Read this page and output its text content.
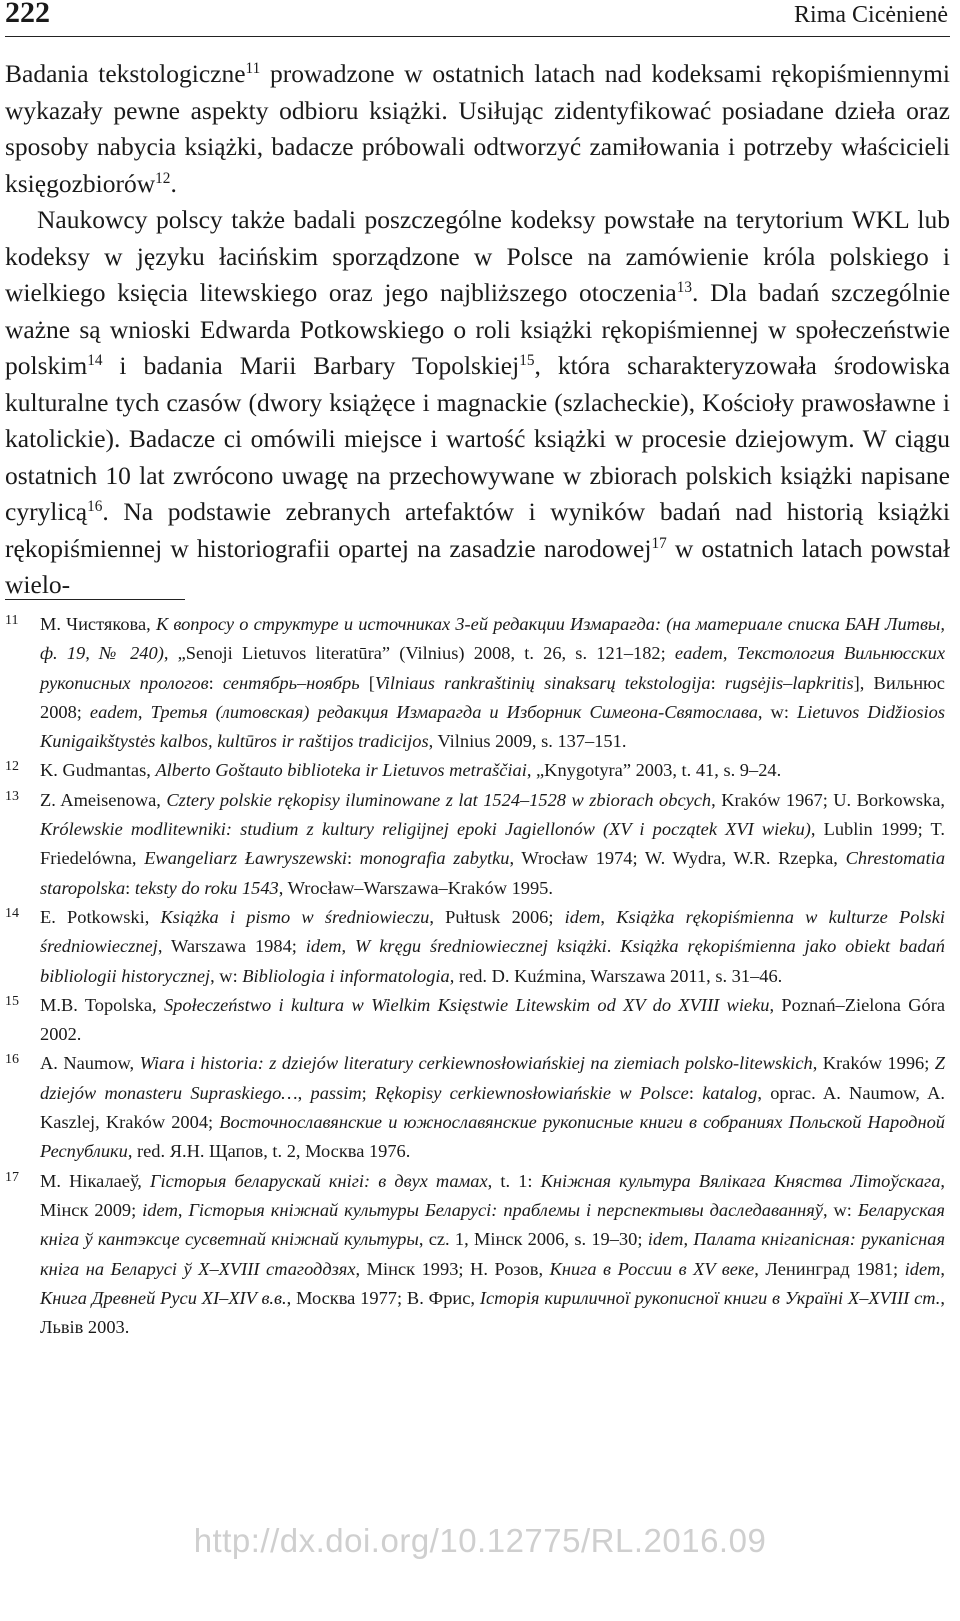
222	Rima Cicėnienė

Badania tekstologiczne$^{11}$ prowadzone w ostatnich latach nad kodeksami rękopiśmiennymi wykazały pewne aspekty odbioru książki. Usiłując zidentyfikować posiadane dzieła oraz sposoby nabycia książki, badacze próbowali odtworzyć zamiłowania i potrzeby właścicieli księgozbiorów$^{12}$.

Naukowcy polscy także badali poszczególne kodeksy powstałe na terytorium WKL lub kodeksy w języku łacińskim sporządzone w Polsce na zamówienie króla polskiego i wielkiego księcia litewskiego oraz jego najbliższego otoczenia$^{13}$. Dla badań szczególnie ważne są wnioski Edwarda Potkowskiego o roli książki rękopiśmiennej w społeczeństwie polskim$^{14}$ i badania Marii Barbary Topolskiej$^{15}$, która scharakteryzowała środowiska kulturalne tych czasów (dwory książęce i magnackie (szlacheckie), Kościoły prawosławne i katolickie). Badacze ci omówili miejsce i wartość książki w procesie dziejowym. W ciągu ostatnich 10 lat zwrócono uwagę na przechowywane w zbiorach polskich książki napisane cyrylicą$^{16}$. Na podstawie zebranych artefaktów i wyników badań nad historią książki rękopiśmiennej w historiografii opartej na zasadzie narodowej$^{17}$ w ostatnich latach powstał wielo-

11 М. Чистякова, К вопросу о структуре и источниках 3-ей редакции Измарагда: (на материале списка БАН Литвы, ф. 19, № 240), „Senoji Lietuvos literatūra” (Vilnius) 2008, t. 26, s. 121–182; eadem, Текстология Вильнюсских рукописных прологов: сентябрь–ноябрь [Vilniaus rankraštinių sinaksarų tekstologija: rugsėjis–lapkritis], Вильнюс 2008; eadem, Третья (литовская) редакция Измарагда и Изборник Симеона-Святослава, w: Lietuvos Didžiosios Kunigaikštystės kalbos, kultūros ir raštijos tradicijos, Vilnius 2009, s. 137–151.
12 K. Gudmantas, Alberto Goštauto biblioteka ir Lietuvos metraščiai, „Knygotyra” 2003, t. 41, s. 9–24.
13 Z. Ameisenowa, Cztery polskie rękopisy iluminowane z lat 1524–1528 w zbiorach obcych, Kraków 1967; U. Borkowska, Królewskie modlitewniki: studium z kultury religijnej epoki Jagiellonów (XV i początek XVI wieku), Lublin 1999; T. Friedelówna, Ewangeliarz Ławryszewski: monografia zabytku, Wrocław 1974; W. Wydra, W.R. Rzepka, Chrestomatia staropolska: teksty do roku 1543, Wrocław–Warszawa–Kraków 1995.
14 E. Potkowski, Książka i pismo w średniowieczu, Pułtusk 2006; idem, Książka rękopiśmienna w kulturze Polski średniowiecznej, Warszawa 1984; idem, W kręgu średniowiecznej książki. Książka rękopiśmienna jako obiekt badań bibliologii historycznej, w: Bibliologia i informatologia, red. D. Kuźmina, Warszawa 2011, s. 31–46.
15 M.B. Topolska, Społeczeństwo i kultura w Wielkim Księstwie Litewskim od XV do XVIII wieku, Poznań–Zielona Góra 2002.
16 A. Naumow, Wiara i historia: z dziejów literatury cerkiewnosłowiańskiej na ziemiach polsko-litewskich, Kraków 1996; Z dziejów monasteru Supraskiego…, passim; Rękopisy cerkiewnosłowiańskie w Polsce: katalog, oprac. A. Naumow, A. Kaszlej, Kraków 2004; Восточнославянские и южнославянские рукописные книги в собраниях Польской Народной Республики, red. Я.Н. Щапов, t. 2, Москва 1976.
17 М. Нікалаеў, Гісторыя беларускай кнігі: в двух тамах, t. 1: Кніжная культура Вялікага Княства Літоўскага, Мінск 2009; idem, Гісторыя кніжнай культуры Беларусі: праблемы і перспектывы даследаванняў, w: Беларуская кніга ў кантэксце сусветнай кніжнай культуры, cz. 1, Мінск 2006, s. 19–30; idem, Палата кнігапісная: рукапісная кніга на Беларусі ў X–XVIII стагоддзях, Мінск 1993; Н. Розов, Книга в России в XV веке, Ленинград 1981; idem, Книга Древней Руси XI–XIV в.в., Москва 1977; В. Фрис, Історія кириличної рукописної книги в Україні X–XVIII ст., Львів 2003.
http://dx.doi.org/10.12775/RL.2016.09
